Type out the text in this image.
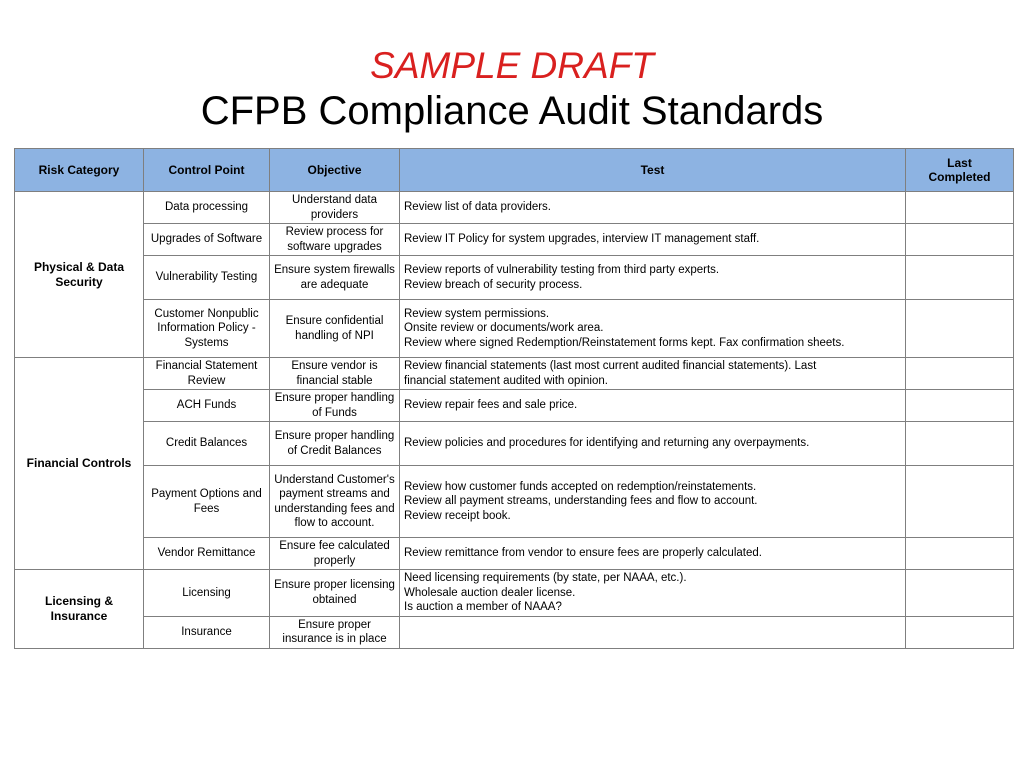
SAMPLE DRAFT
CFPB Compliance Audit Standards
Risk Category	Control Point	Objective	Test	Last Completed
Physical & Data Security	Data processing	Understand data providers	Review list of data providers.	

	Upgrades of Software	Review process for software upgrades	Review IT Policy for system upgrades, interview IT management staff.	

	Vulnerability Testing	Ensure system firewalls are adequate	Review reports of vulnerability testing from third party experts.
Review breach of security process.	

	Customer Nonpublic Information Policy - Systems	Ensure confidential handling of NPI	Review system permissions.
Onsite review or documents/work area.
Review where signed Redemption/Reinstatement forms kept. Fax confirmation sheets.	

Financial Controls	Financial Statement Review	Ensure vendor is financial stable	Review financial statements (last most current audited financial statements). Last
financial statement audited with opinion.	

	ACH Funds	Ensure proper handling of Funds	Review repair fees and sale price.	

	Credit Balances	Ensure proper handling of Credit Balances	Review policies and procedures for identifying and returning any overpayments.	

	Payment Options and Fees	Understand Customer's payment streams and understanding fees and flow to account.	Review how customer funds accepted on redemption/reinstatements.
Review all payment streams, understanding fees and flow to account.
Review receipt book.	

	Vendor Remittance	Ensure fee calculated properly	Review remittance from vendor to ensure fees are properly calculated.	

Licensing & Insurance	Licensing	Ensure proper licensing obtained	Need licensing requirements (by state, per NAAA, etc.).
Wholesale auction dealer license.
Is auction a member of NAAA?	

	Insurance	Ensure proper insurance is in place		
